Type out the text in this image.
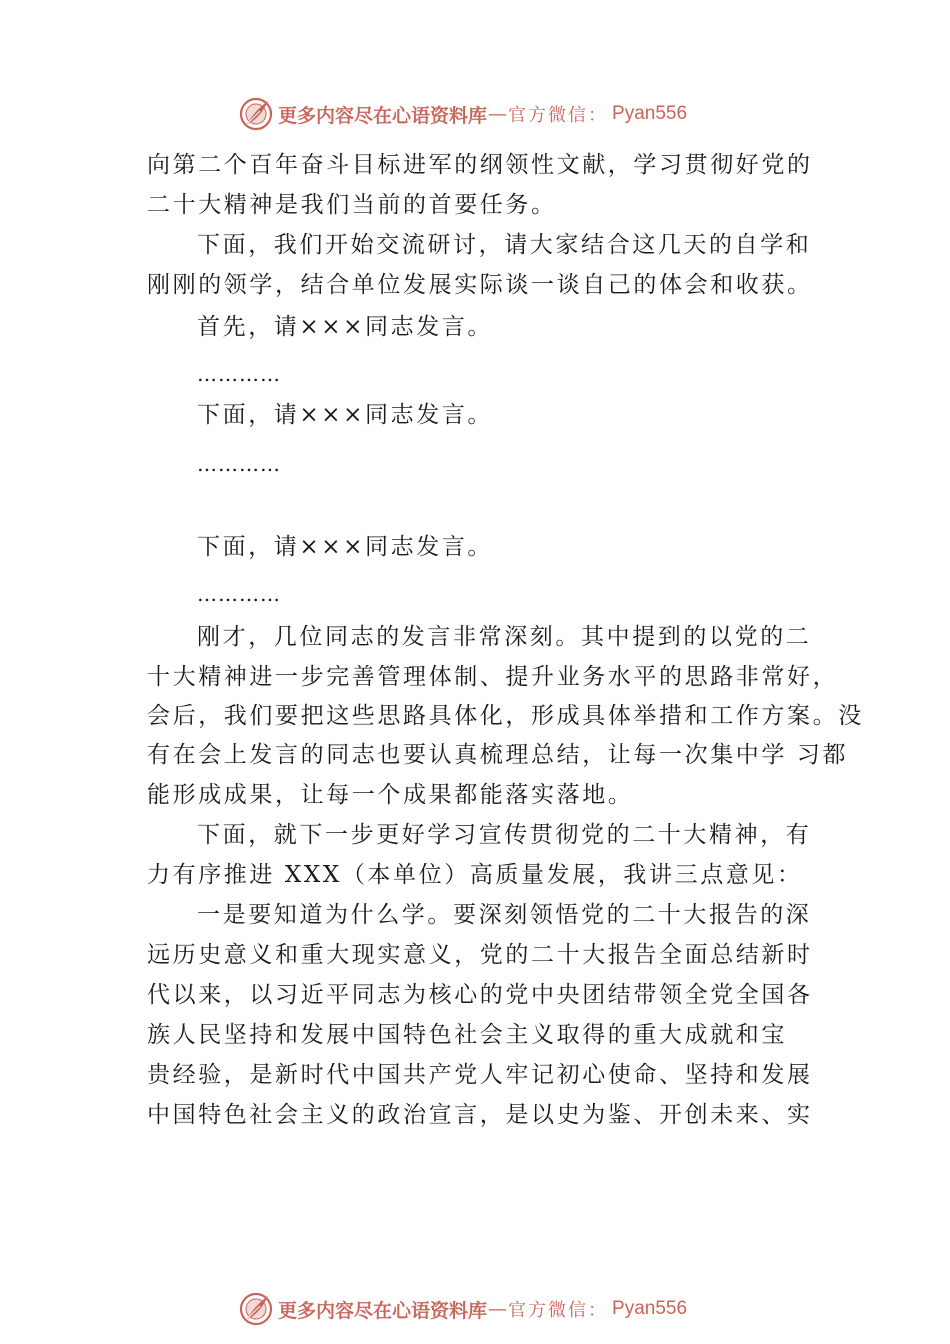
更多内容尽在心语资料库 — 官方微信： Pyan556
向第二个百年奋斗目标进军的纲领性文献，学习贯彻好党的
二十大精神是我们当前的首要任务。
下面，我们开始交流研讨，请大家结合这几天的自学和
刚刚的领学，结合单位发展实际谈一谈自己的体会和收获。
首先，请×××同志发言。
…………
下面，请×××同志发言。
…………
下面，请×××同志发言。
…………
刚才，几位同志的发言非常深刻。其中提到的以党的二
十大精神进一步完善管理体制、提升业务水平的思路非常好，
会后，我们要把这些思路具体化，形成具体举措和工作方案。没
有在会上发言的同志也要认真梳理总结，让每一次集中学 习都
能形成成果，让每一个成果都能落实落地。
下面，就下一步更好学习宣传贯彻党的二十大精神，有
力有序推进 XXX（本单位）高质量发展，我讲三点意见：
一是要知道为什么学。要深刻领悟党的二十大报告的深
远历史意义和重大现实意义，党的二十大报告全面总结新时
代以来，以习近平同志为核心的党中央团结带领全党全国各
族人民坚持和发展中国特色社会主义取得的重大成就和宝
贵经验，是新时代中国共产党人牢记初心使命、坚持和发展
中国特色社会主义的政治宣言，是以史为鉴、开创未来、实
更多内容尽在心语资料库 — 官方微信： Pyan556
